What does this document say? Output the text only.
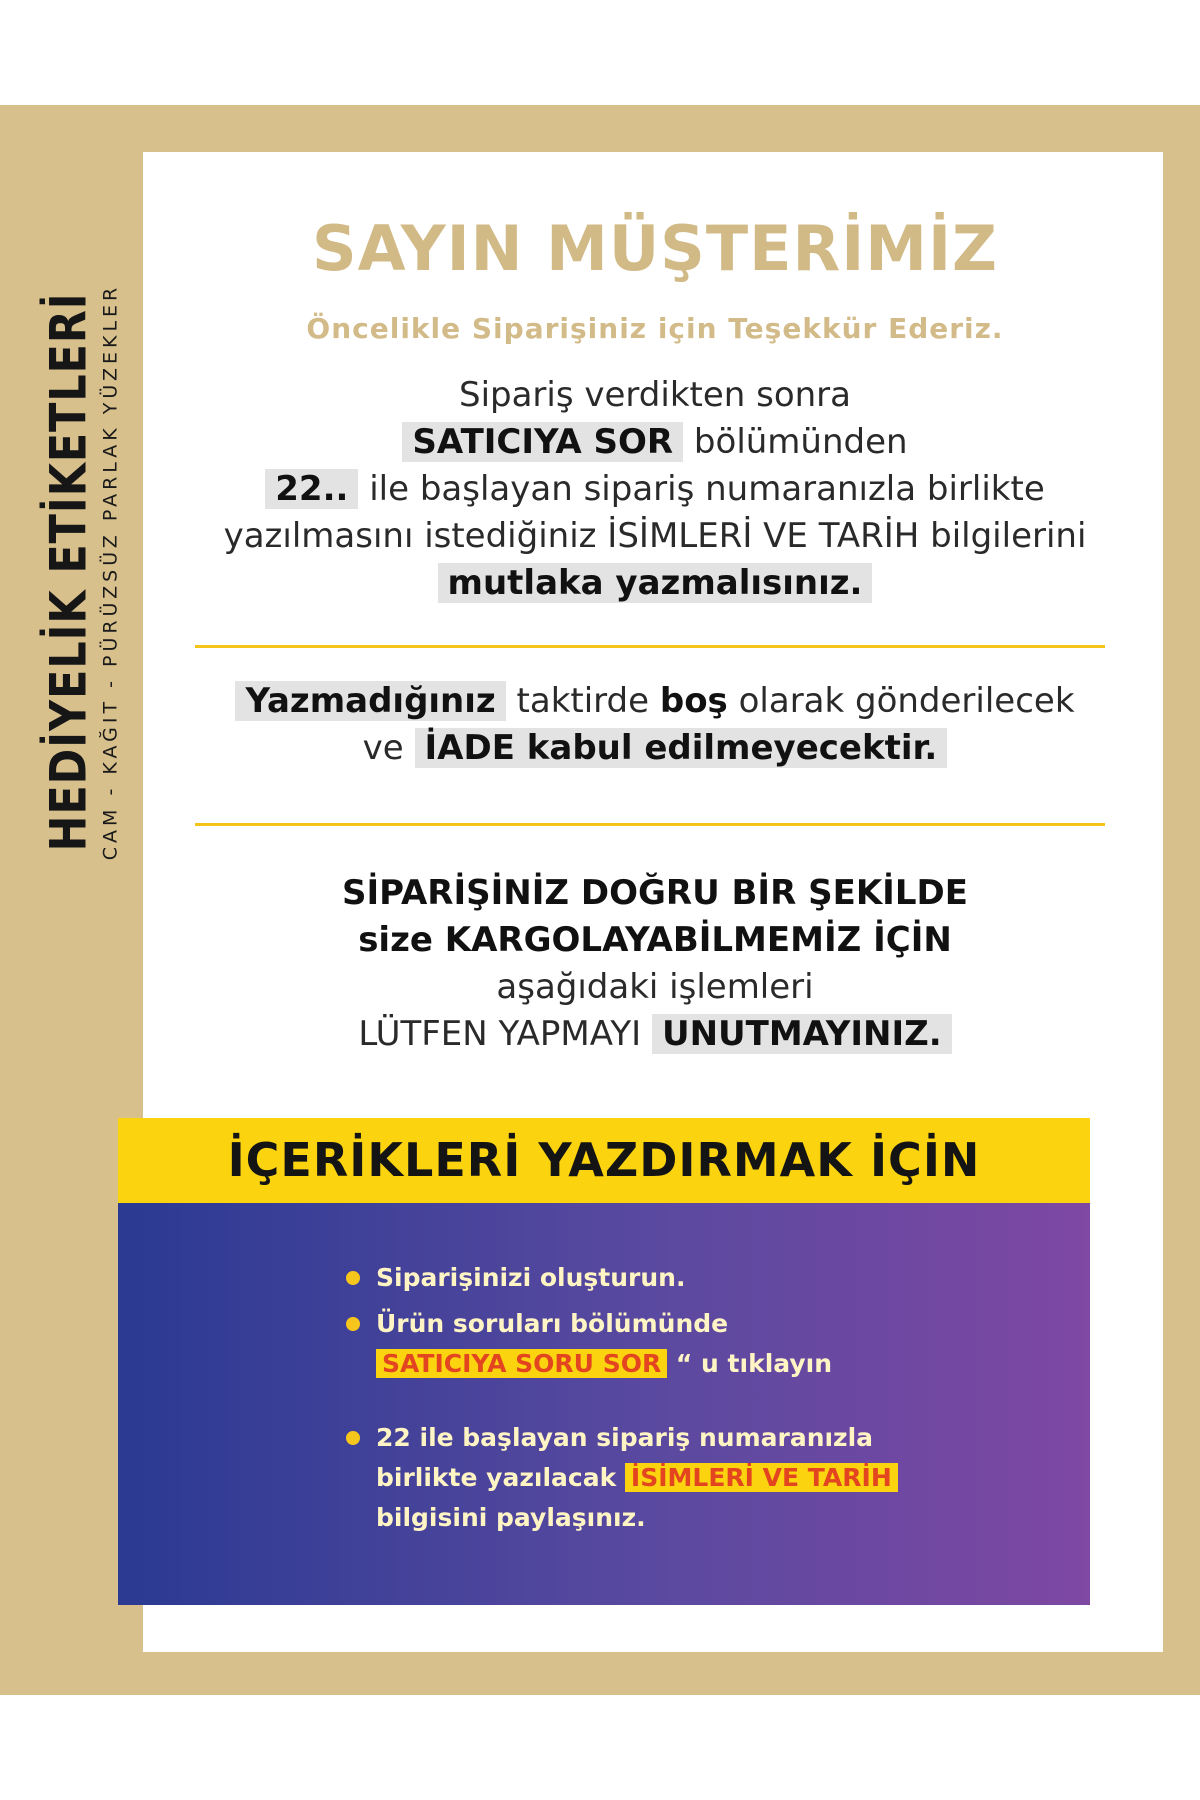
HEDİYELİK ETİKETLERİ CAM - KAĞIT - PÜRÜZSÜZ PARLAK YÜZEKLER
SAYIN MÜŞTERİMİZ
Öncelikle Siparişiniz için Teşekkür Ederiz.
Sipariş verdikten sonra
SATICIYA SOR bölümünden
22.. ile başlayan sipariş numaranızla birlikte
yazılmasını istediğiniz İSİMLERİ VE TARİH bilgilerini
mutlaka yazmalısınız.
Yazmadığınız taktirde boş olarak gönderilecek
ve İADE kabul edilmeyecektir.
SİPARİŞİNİZ DOĞRU BİR ŞEKİLDE
size KARGOLAYABİLMEMİZ İÇİN
aşağıdaki işlemleri
LÜTFEN YAPMAYI UNUTMAYINIZ.
İÇERİKLERİ YAZDIRMAK İÇİN
Siparişinizi oluşturun.
Ürün soruları bölümünde
SATICIYA SORU SOR “ u tıklayın
22 ile başlayan sipariş numaranızla
birlikte yazılacak İSİMLERİ VE TARİH
bilgisini paylaşınız.
